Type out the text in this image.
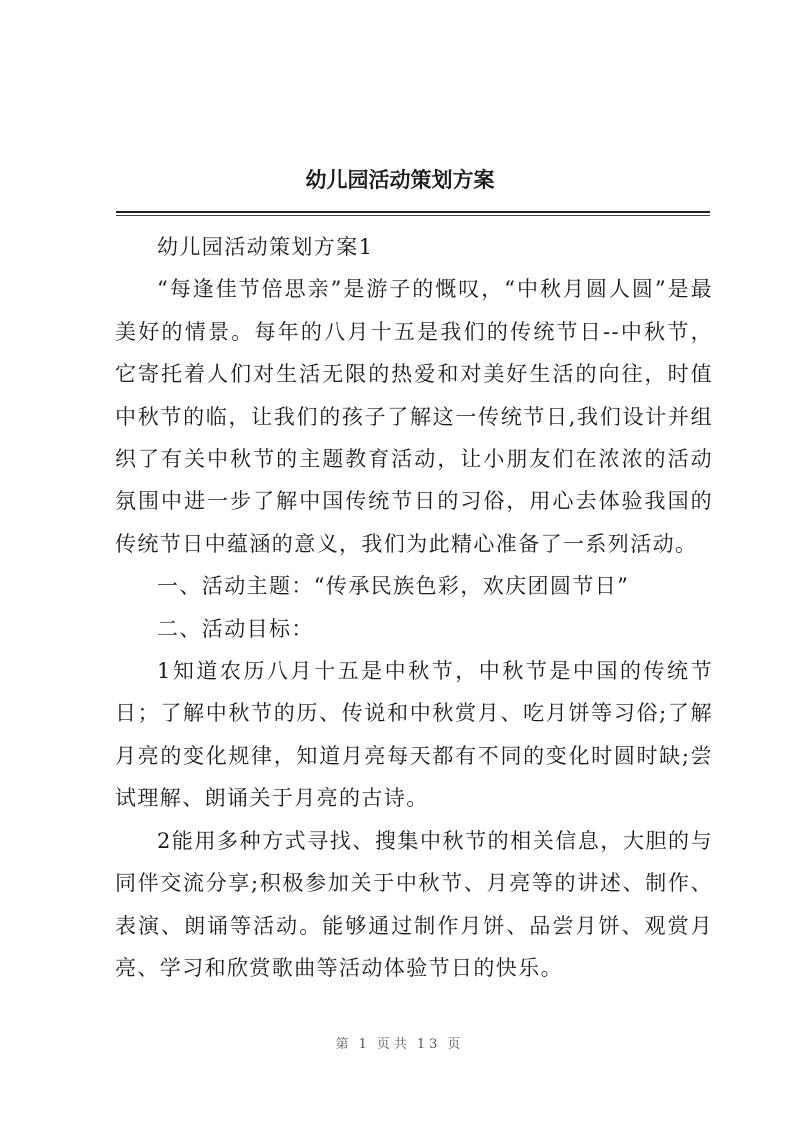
幼儿园活动策划方案

幼儿园活动策划方案1

“每逢佳节倍思亲”是游子的慨叹，“中秋月圆人圆”是最美好的情景。每年的八月十五是我们的传统节日--中秋节，它寄托着人们对生活无限的热爱和对美好生活的向往，时值中秋节的临，让我们的孩子了解这一传统节日,我们设计并组织了有关中秋节的主题教育活动，让小朋友们在浓浓的活动氛围中进一步了解中国传统节日的习俗，用心去体验我国的传统节日中蕴涵的意义，我们为此精心准备了一系列活动。

一、活动主题：“传承民族色彩，欢庆团圆节日”

二、活动目标：

1知道农历八月十五是中秋节，中秋节是中国的传统节日；了解中秋节的历、传说和中秋赏月、吃月饼等习俗;了解月亮的变化规律，知道月亮每天都有不同的变化时圆时缺;尝试理解、朗诵关于月亮的古诗。

2能用多种方式寻找、搜集中秋节的相关信息，大胆的与同伴交流分享;积极参加关于中秋节、月亮等的讲述、制作、表演、朗诵等活动。能够通过制作月饼、品尝月饼、观赏月亮、学习和欣赏歌曲等活动体验节日的快乐。

第 1 页共 13 页
